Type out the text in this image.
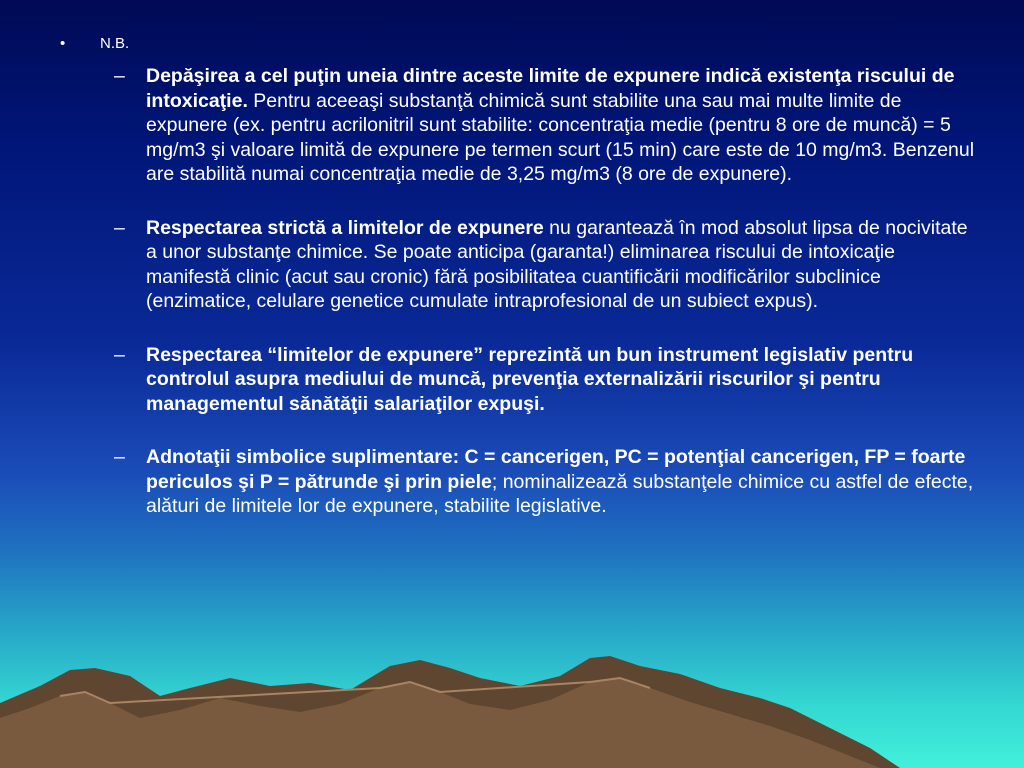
• N.B.
– Depăşirea a cel puţin uneia dintre aceste limite de expunere indică existenţa riscului de intoxicaţie. Pentru aceeaşi substanţă chimică sunt stabilite una sau mai multe limite de expunere (ex. pentru acrilonitril sunt stabilite: concentraţia medie (pentru 8 ore de muncă) = 5 mg/m3 şi valoare limită de expunere pe termen scurt (15 min) care este de 10 mg/m3. Benzenul are stabilită numai concentraţia medie de 3,25 mg/m3 (8 ore de expunere).
– Respectarea strictă a limitelor de expunere nu garantează în mod absolut lipsa de nocivitate a unor substanţe chimice. Se poate anticipa (garanta!) eliminarea riscului de intoxicaţie manifestă clinic (acut sau cronic) fără posibilitatea cuantificării modificărilor subclinice (enzimatice, celulare genetice cumulate intraprofesional de un subiect expus).
– Respectarea “limitelor de expunere” reprezintă un bun instrument legislativ pentru controlul asupra mediului de muncă, prevenţia externalizării riscurilor şi pentru managementul sănătăţii salariaţilor expuşi.
– Adnotaţii simbolice suplimentare: C = cancerigen, PC = potenţial cancerigen, FP = foarte periculos şi P = pătrunde şi prin piele; nominalizează substanţele chimice cu astfel de efecte, alături de limitele lor de expunere, stabilite legislative.
